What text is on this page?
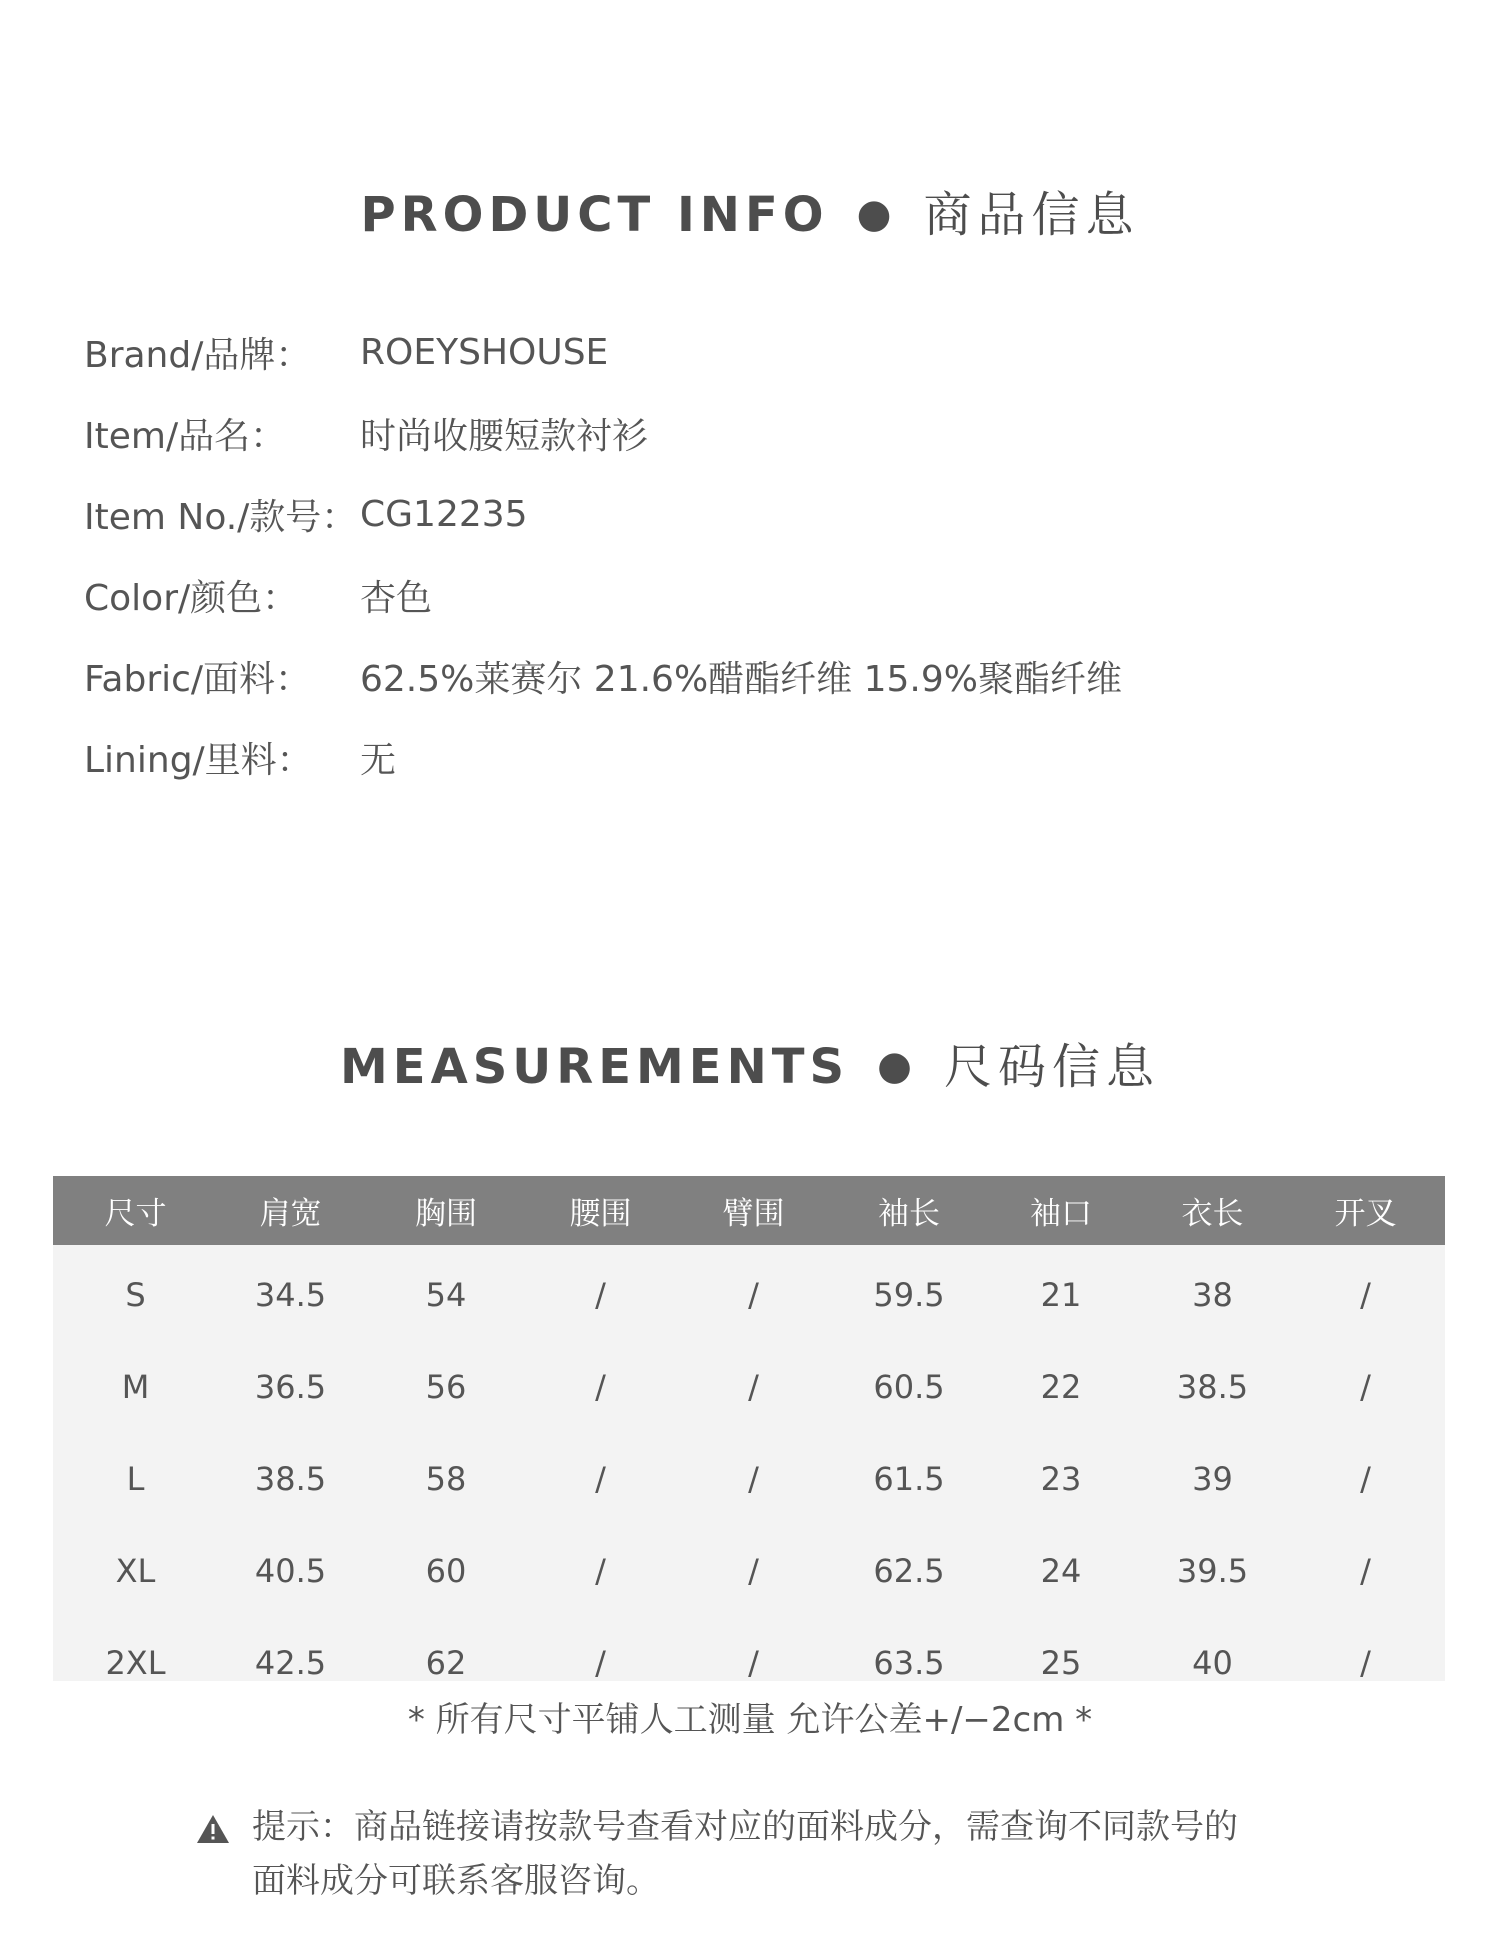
PRODUCT INFO ● 商品信息
Brand/品牌：	ROEYSHOUSE
Item/品名：	时尚收腰短款衬衫
Item No./款号： CG12235
Color/颜色：	杏色
Fabric/面料：	62.5%莱赛尔 21.6%醋酯纤维 15.9%聚酯纤维
Lining/里料：	无
MEASUREMENTS ● 尺码信息
尺寸	肩宽	胸围	腰围	臂围	袖长	袖口	衣长	开叉
S	34.5	54	/	/	59.5	21	38	/
M	36.5	56	/	/	60.5	22	38.5	/
L	38.5	58	/	/	61.5	23	39	/
XL	40.5	60	/	/	62.5	24	39.5	/
2XL	42.5	62	/	/	63.5	25	40	/
* 所有尺寸平铺人工测量 允许公差+/−2cm *
提示：商品链接请按款号查看对应的面料成分，需查询不同款号的
面料成分可联系客服咨询。
